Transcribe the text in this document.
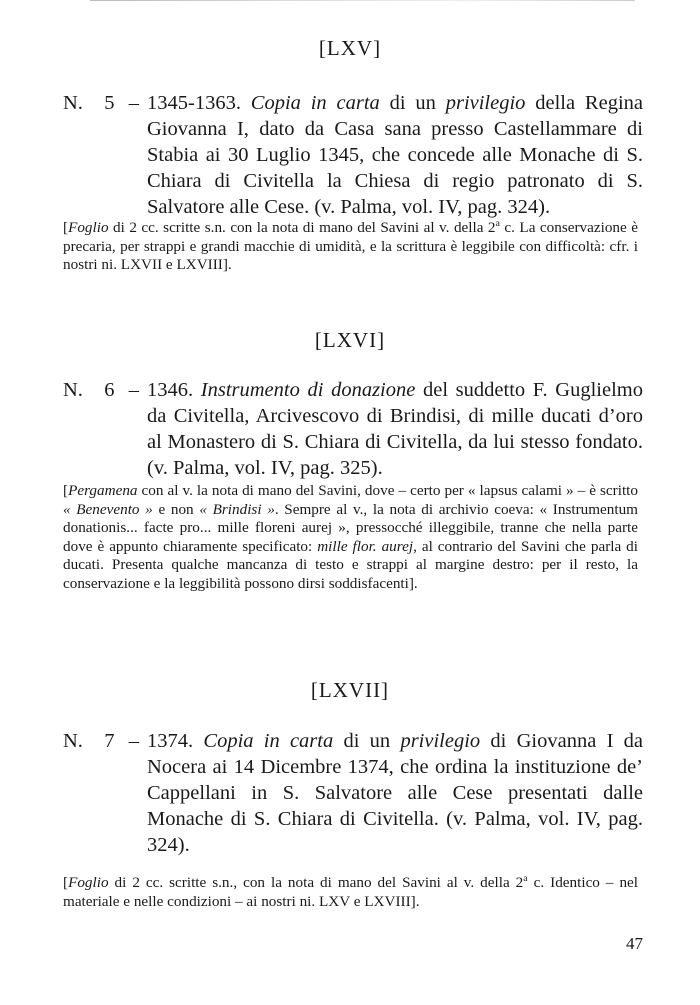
[LXV]
N.   5  – 1345-1363. Copia in carta di un privilegio della Regina Giovanna I, dato da Casa sana presso Castellammare di Stabia ai 30 Luglio 1345, che concede alle Monache di S. Chiara di Civitella la Chiesa di regio patronato di S. Salvatore alle Cese. (v. Palma, vol. IV, pag. 324).

[Foglio di 2 cc. scritte s.n. con la nota di mano del Savini al v. della 2$^a$ c. La conservazione è precaria, per strappi e grandi macchie di umidità, e la scrittura è leggibile con difficoltà: cfr. i nostri ni. LXVII e LXVIII].

[LXVI]
N.   6  – 1346. Instrumento di donazione del suddetto F. Guglielmo da Civitella, Arcivescovo di Brindisi, di mille ducati d’oro al Monastero di S. Chiara di Civitella, da lui stesso fondato. (v. Palma, vol. IV, pag. 325).

[Pergamena con al v. la nota di mano del Savini, dove – certo per « lapsus calami » – è scritto « Benevento » e non « Brindisi ». Sempre al v., la nota di archivio coeva: « Instrumentum donationis... facte pro... mille floreni aurej », pressocché illeggibile, tranne che nella parte dove è appunto chiaramente specificato: mille flor. aurej, al contrario del Savini che parla di ducati. Presenta qualche mancanza di testo e strappi al margine destro: per il resto, la conservazione e la leggibilità possono dirsi soddisfacenti].

[LXVII]
N.   7  – 1374. Copia in carta di un privilegio di Giovanna I da Nocera ai 14 Dicembre 1374, che ordina la instituzione de’ Cappellani in S. Salvatore alle Cese presentati dalle Monache di S. Chiara di Civitella. (v. Palma, vol. IV, pag. 324).

[Foglio di 2 cc. scritte s.n., con la nota di mano del Savini al v. della 2$^a$ c. Identico – nel materiale e nelle condizioni – ai nostri ni. LXV e LXVIII].

47
